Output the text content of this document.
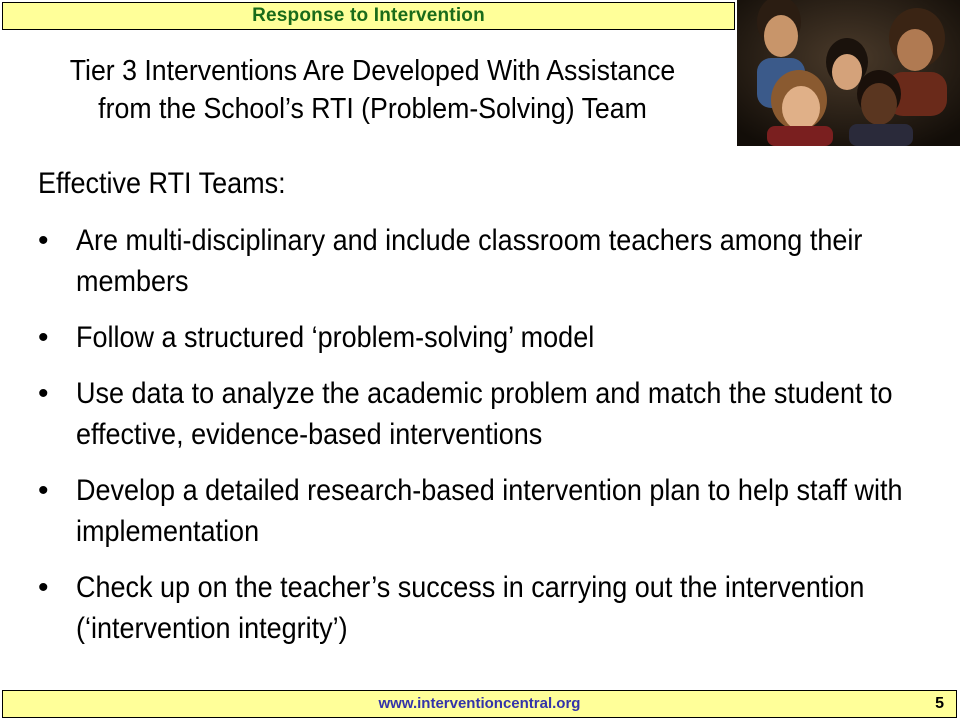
Response to Intervention
Tier 3 Interventions Are Developed With Assistance
from the School’s RTI (Problem-Solving) Team
Effective RTI Teams:
• Are multi-disciplinary and include classroom teachers among their members
• Follow a structured ‘problem-solving’ model
• Use data to analyze the academic problem and match the student to effective, evidence-based interventions
• Develop a detailed research-based intervention plan to help staff with implementation
• Check up on the teacher’s success in carrying out the intervention (‘intervention integrity’)
www.interventioncentral.org	5
